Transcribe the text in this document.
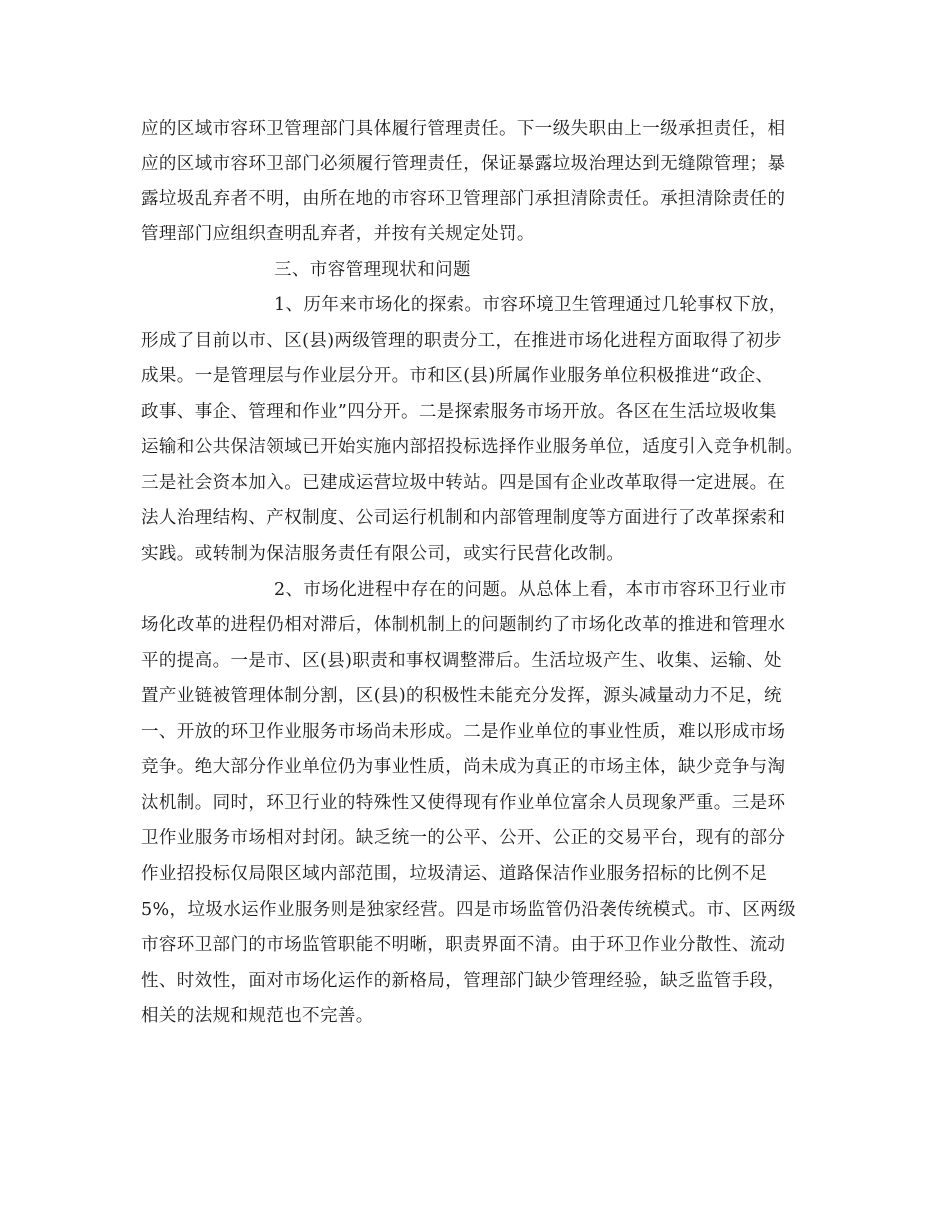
应的区域市容环卫管理部门具体履行管理责任。下一级失职由上一级承担责任，相
应的区域市容环卫部门必须履行管理责任，保证暴露垃圾治理达到无缝隙管理；暴
露垃圾乱弃者不明，由所在地的市容环卫管理部门承担清除责任。承担清除责任的
管理部门应组织查明乱弃者，并按有关规定处罚。
三、市容管理现状和问题
1、历年来市场化的探索。市容环境卫生管理通过几轮事权下放，
形成了目前以市、区(县)两级管理的职责分工，在推进市场化进程方面取得了初步
成果。一是管理层与作业层分开。市和区(县)所属作业服务单位积极推进“政企、
政事、事企、管理和作业”四分开。二是探索服务市场开放。各区在生活垃圾收集
运输和公共保洁领域已开始实施内部招投标选择作业服务单位，适度引入竞争机制。
三是社会资本加入。已建成运营垃圾中转站。四是国有企业改革取得一定进展。在
法人治理结构、产权制度、公司运行机制和内部管理制度等方面进行了改革探索和
实践。或转制为保洁服务责任有限公司，或实行民营化改制。
2、市场化进程中存在的问题。从总体上看，本市市容环卫行业市
场化改革的进程仍相对滞后，体制机制上的问题制约了市场化改革的推进和管理水
平的提高。一是市、区(县)职责和事权调整滞后。生活垃圾产生、收集、运输、处
置产业链被管理体制分割，区(县)的积极性未能充分发挥，源头减量动力不足，统
一、开放的环卫作业服务市场尚未形成。二是作业单位的事业性质，难以形成市场
竞争。绝大部分作业单位仍为事业性质，尚未成为真正的市场主体，缺少竞争与淘
汰机制。同时，环卫行业的特殊性又使得现有作业单位富余人员现象严重。三是环
卫作业服务市场相对封闭。缺乏统一的公平、公开、公正的交易平台，现有的部分
作业招投标仅局限区域内部范围，垃圾清运、道路保洁作业服务招标的比例不足
5%，垃圾水运作业服务则是独家经营。四是市场监管仍沿袭传统模式。市、区两级
市容环卫部门的市场监管职能不明晰，职责界面不清。由于环卫作业分散性、流动
性、时效性，面对市场化运作的新格局，管理部门缺少管理经验，缺乏监管手段，
相关的法规和规范也不完善。
